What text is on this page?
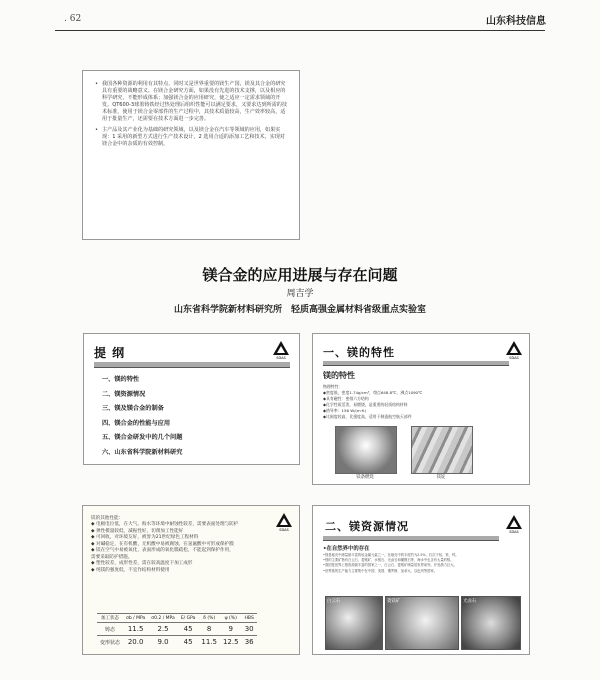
. 62	山东科技信息
• 我国各种资源的利用有其特点，同时又是世界重要的镁生产国，镁及其合金的研究具有重要的战略意义。在镁合金研究方面，如果没有先进的技术支撑，以及相应的科学研究，不能形成体系；加强镁合金的应用研究，使之适应一定需求领域的开发。QT600-3球墨铸铁经过热处理后组织性能可以满足要求，又要求达到所需的技术标准，使用于镁合金零部件的生产过程中，其技术质量较高，生产效率较高，适用于批量生产，还需要在技术方面进一步完善。
• 主产品及其产业化为基础的研究领域，以及镁合金在汽车等领域的应用，如果实现：1 采用的新型方式进行生产技术设计，2 选用合适的添加工艺和技术，实现对镁合金中的杂质的有效控制。
镁合金的应用进展与存在问题
周吉学
山东省科学院新材料研究所　轻质高强金属材料省级重点实验室
提 纲	SDAS
一、镁的特性
二、镁资源情况
三、镁及镁合金的制备
四、镁合金的性能与应用
五、镁合金研发中的几个问题
六、山东省科学院新材料研究
一、镁的特性	SDAS
镁的特性
物理特性：
◆密度低，密度1.74g/cm³，熔点648.8℃，沸点1090℃
◆具有磁性：密排六方结构
◆化学性质活泼，易燃烧，是重要的轻质结构材料
◆热导率：156 W/(m·K)
◆比刚度较高，比强度高，适用于制造航空航天部件
镁条燃烧	镁锭
SDAS
镁的其他性能：
◆ 电极电位低，在大气、海水等环境中耐蚀性较差，需要表面处理与防护
◆ 弹性模量较低，减振性好，切削加工性能好
◆ 可回收，对环境友好，被誉为21世纪绿色工程材料
◆ 对碱稳定，在有机酸、无机酸中易被腐蚀，在氢氟酸中可形成保护膜
◆ 镁在空气中易被氧化，表面形成的氧化膜疏松，不能起到保护作用，
需要采取防护措施。
◆ 塑性较差，成形性差，需在较高温度下加工成形
◆ 纯镁的强度低，不宜作结构材料使用
加工状态	σb / MPa	σ0.2 / MPa	E/ GPa	δ (%)	ψ (%)	HBS
铸态	11.5	2.5	45	8	9	30
变形状态	20.0	9.0	45	11.5	12.5	36
二、镁资源情况	SDAS
•在自然界中的存在
•镁是地壳中储量最丰富的轻金属元素之一，在地壳中的丰度约为2.5%，仅次于铝、铁、钙。
•镁的主要矿物有白云石、菱镁矿、水镁石、光卤石和橄榄石等，海水中也含有大量的镁。
•我国是世界上镁资源最丰富的国家之一，白云石、菱镁矿储量居世界前列，开发潜力巨大。
•世界镁的生产能力主要集中在中国、美国、俄罗斯、加拿大、以色列等国家。
白云石	菱镁矿	光卤石
